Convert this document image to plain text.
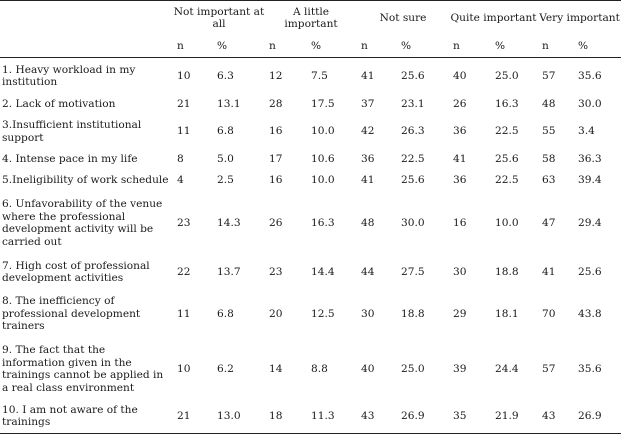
	Not important at all		A little important		Not sure		Quite important		Very important	
	n	%	n	%	n	%	n	%	n	%
1. Heavy workload in my institution	10	6.3	12	7.5	41	25.6	40	25.0	57	35.6
2. Lack of motivation	21	13.1	28	17.5	37	23.1	26	16.3	48	30.0
3.Insufficient institutional support	11	6.8	16	10.0	42	26.3	36	22.5	55	3.4
4. Intense pace in my life	8	5.0	17	10.6	36	22.5	41	25.6	58	36.3
5.Ineligibility of work schedule	4	2.5	16	10.0	41	25.6	36	22.5	63	39.4
6. Unfavorability of the venue where the professional development activity will be carried out	23	14.3	26	16.3	48	30.0	16	10.0	47	29.4
7. High cost of professional development activities	22	13.7	23	14.4	44	27.5	30	18.8	41	25.6
8. The inefficiency of professional development trainers	11	6.8	20	12.5	30	18.8	29	18.1	70	43.8
9. The fact that the information given in the trainings cannot be applied in a real class environment	10	6.2	14	8.8	40	25.0	39	24.4	57	35.6
10. I am not aware of the trainings	21	13.0	18	11.3	43	26.9	35	21.9	43	26.9
